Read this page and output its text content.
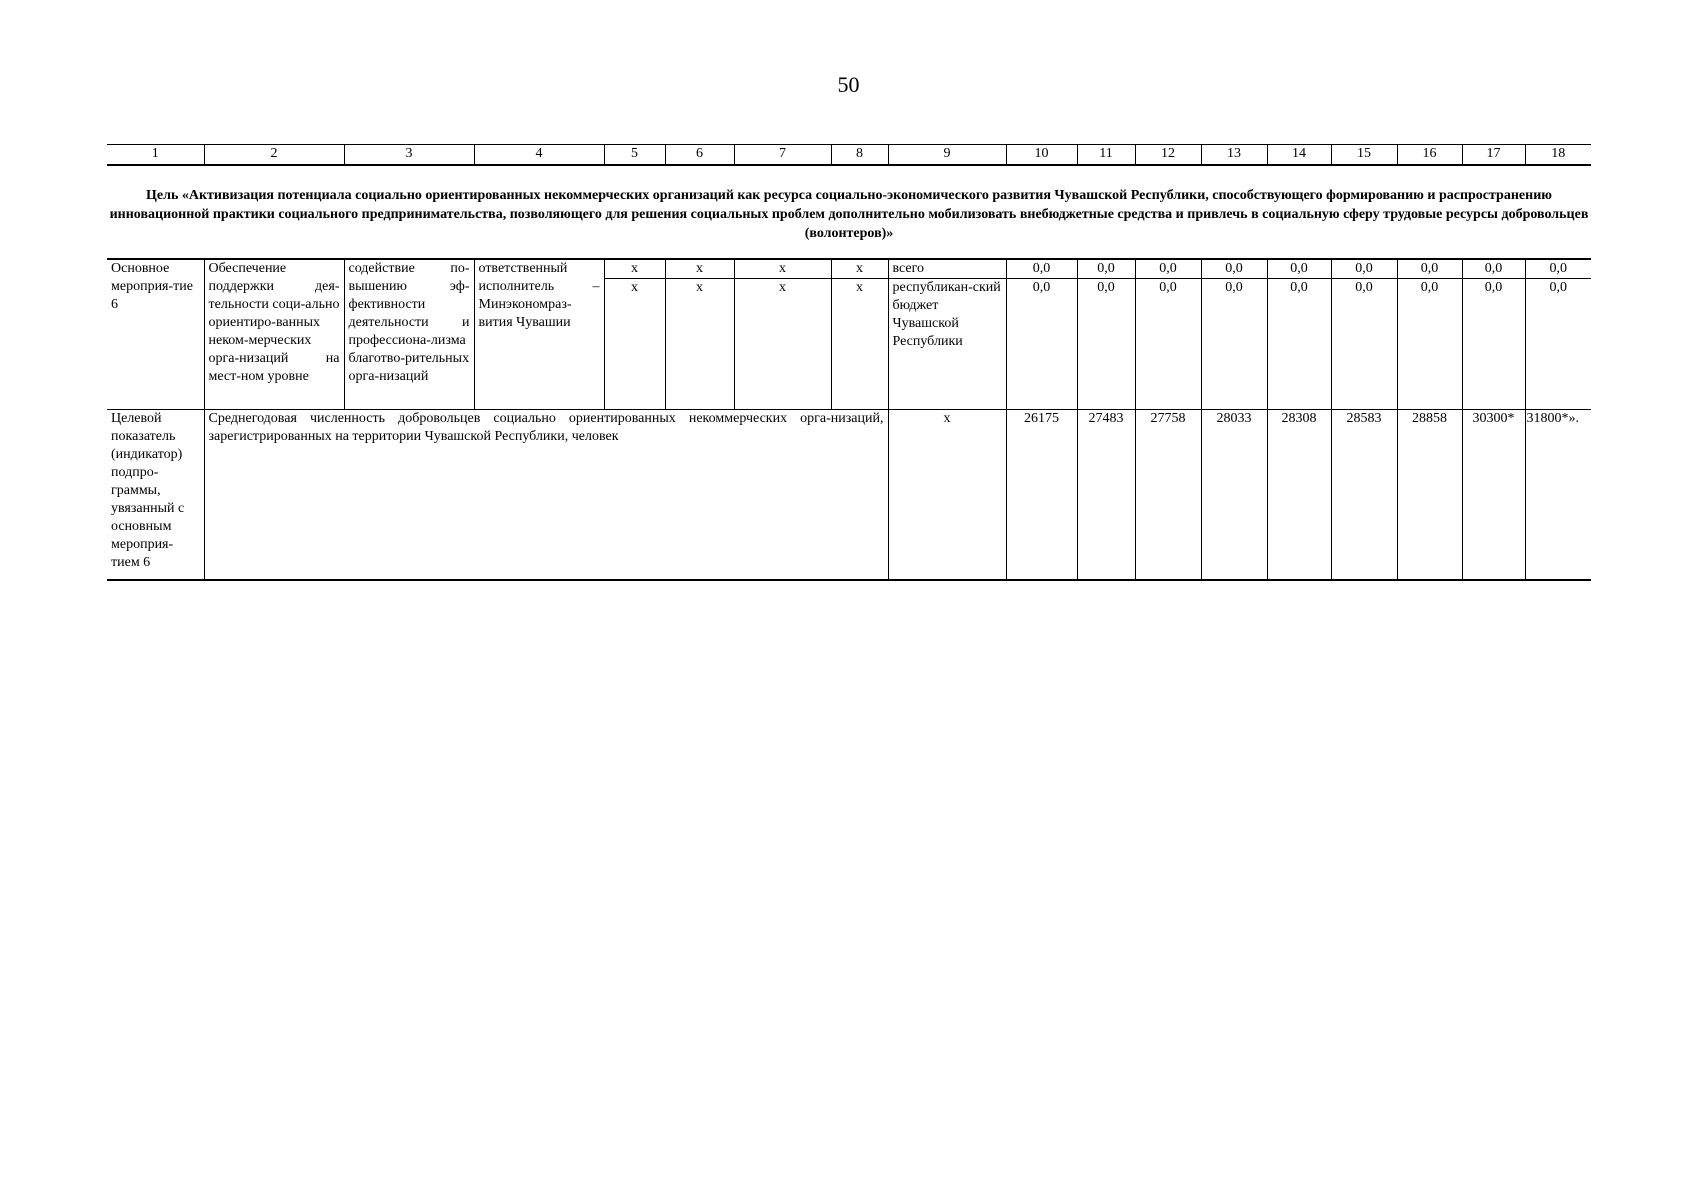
50
1	2	3	4	5	6	7	8	9	10	11	12	13	14	15	16	17	18
Цель «Активизация потенциала социально ориентированных некоммерческих организаций как ресурса социально-экономического развития Чувашской Республики, способствующего формированию и распространению инновационной практики социального предпринимательства, позволяющего для решения социальных проблем дополнительно мобилизовать внебюджетные средства и привлечь в социальную сферу трудовые ресурсы добровольцев (волонтеров)»
Основное мероприя-тие 6	Обеспечение поддержки дея-тельности соци-ально ориентиро-ванных неком-мерческих орга-низаций на мест-ном уровне	содействие по-вышению эф-фективности деятельности и профессиона-лизма благотво-рительных орга-низаций	ответственный исполнитель – Минэкономраз-вития Чувашии	х	х	х	х	всего	0,0	0,0	0,0	0,0	0,0	0,0	0,0	0,0	0,0
				х	х	х	х	республикан-ский бюджет Чувашской Республики	0,0	0,0	0,0	0,0	0,0	0,0	0,0	0,0	0,0
Целевой показатель (индикатор) подпро-граммы, увязанный с основным мероприя-тием 6	Среднегодовая численность добровольцев социально ориентированных некоммерческих орга-низаций, зарегистрированных на территории Чувашской Республики, человек							х	26175	27483	27758	28033	28308	28583	28858	30300*	31800*».
